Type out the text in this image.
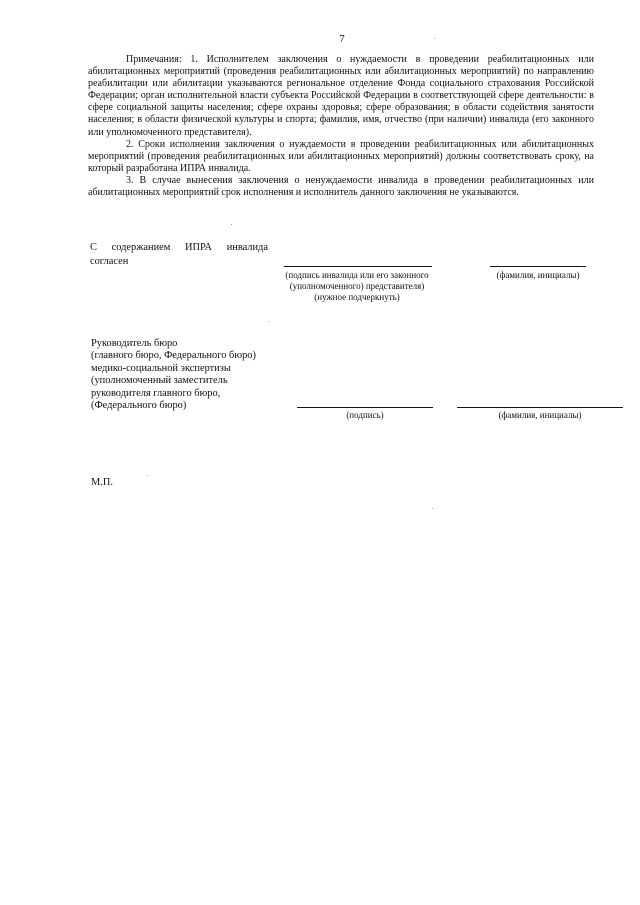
7

Примечания: 1. Исполнителем заключения о нуждаемости в проведении реабилитационных или абилитационных мероприятий (проведения реабилитационных или абилитационных мероприятий) по направлению реабилитации или абилитации указываются региональное отделение Фонда социального страхования Российской Федерации; орган исполнительной власти субъекта Российской Федерации в соответствующей сфере деятельности: в сфере социальной защиты населения; сфере охраны здоровья; сфере образования; в области содействия занятости населения; в области физической культуры и спорта; фамилия, имя, отчество (при наличии) инвалида (его законного или уполномоченного представителя).

2. Сроки исполнения заключения о нуждаемости в проведении реабилитационных или абилитационных мероприятий (проведения реабилитационных или абилитационных мероприятий) должны соответствовать сроку, на который разработана ИПРА инвалида.

3. В случае вынесения заключения о ненуждаемости инвалида в проведении реабилитационных или абилитационных мероприятий срок исполнения и исполнитель данного заключения не указываются.

С содержанием ИПРА инвалида
согласен
(подпись инвалида или его законного
(уполномоченного) представителя)
(нужное подчеркнуть)
(фамилия, инициалы)
Руководитель бюро
(главного бюро, Федерального бюро)
медико-социальной экспертизы
(уполномоченный заместитель
руководителя главного бюро,
(Федерального бюро)
(подпись)	(фамилия, инициалы)
М.П.
